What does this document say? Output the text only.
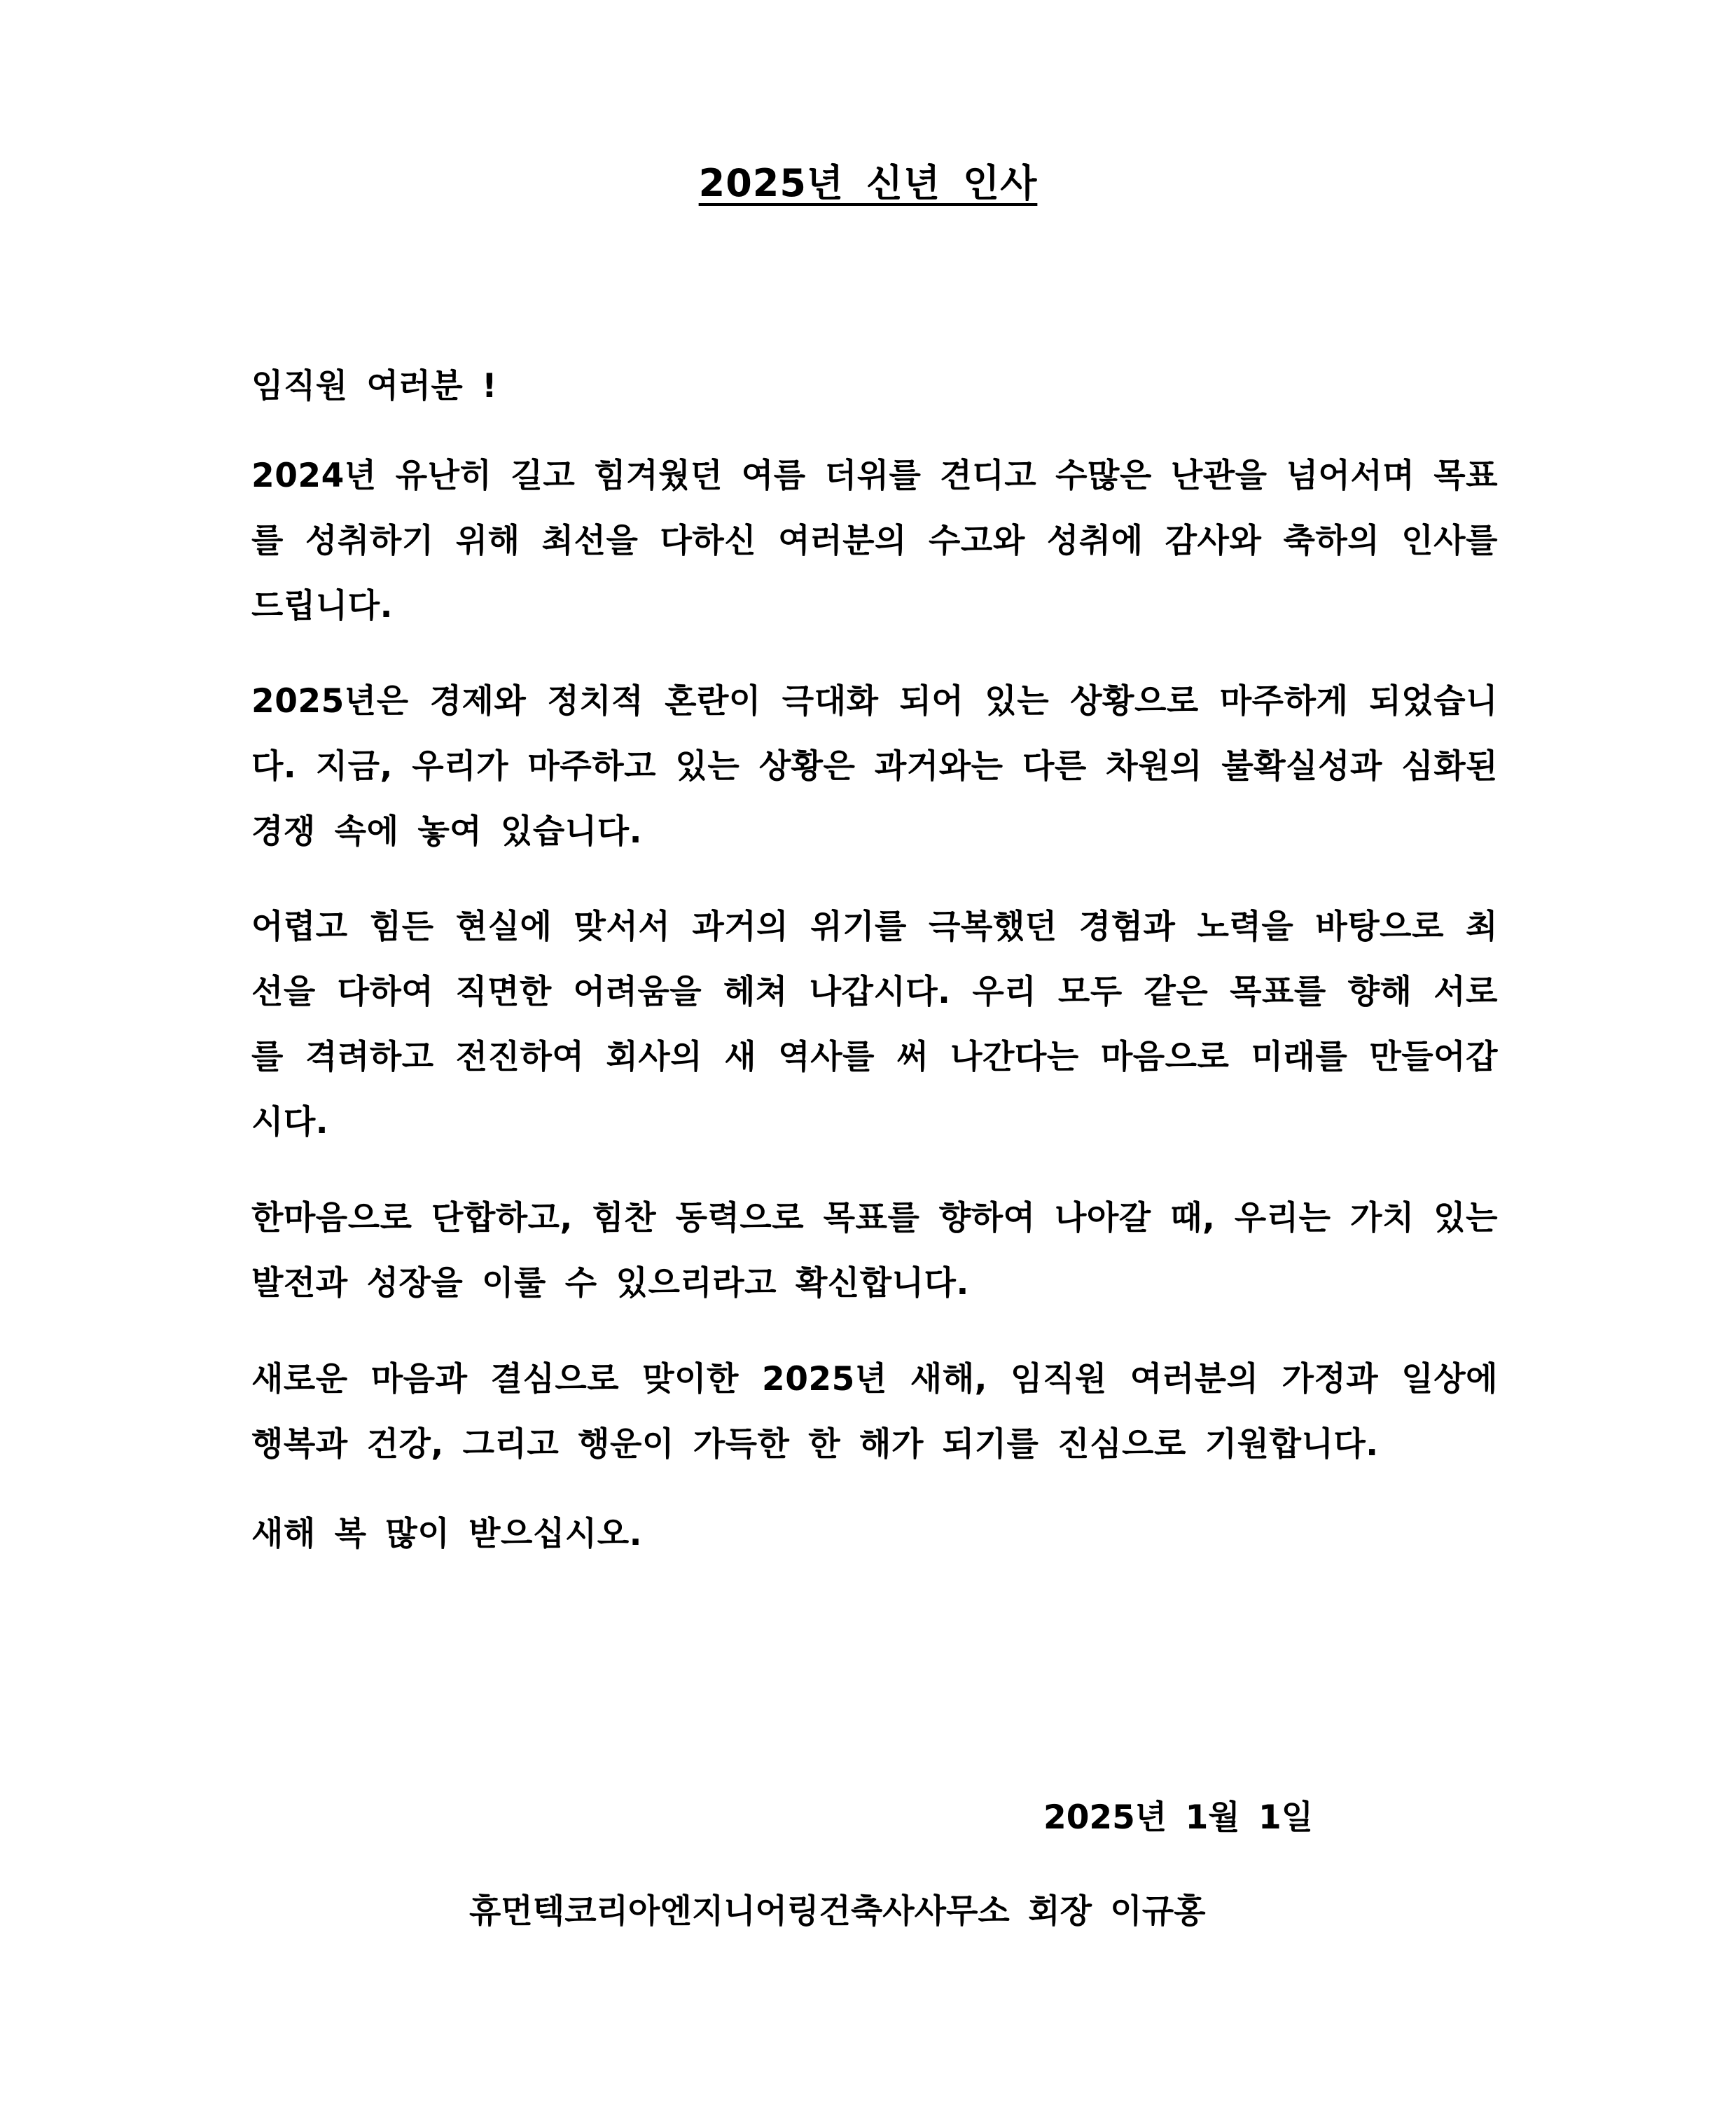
2025년 신년 인사
임직원 여러분 !
2024년 유난히 길고 힘겨웠던 여름 더위를 견디고 수많은 난관을 넘어서며 목표를 성취하기 위해 최선을 다하신 여러분의 수고와 성취에 감사와 축하의 인사를 드립니다.
2025년은 경제와 정치적 혼란이 극대화 되어 있는 상황으로 마주하게 되었습니다. 지금, 우리가 마주하고 있는 상황은 과거와는 다른 차원의 불확실성과 심화된 경쟁 속에 놓여 있습니다.
어렵고 힘든 현실에 맞서서 과거의 위기를 극복했던 경험과 노력을 바탕으로 최선을 다하여 직면한 어려움을 헤쳐 나갑시다. 우리 모두 같은 목표를 향해 서로를 격려하고 전진하여 회사의 새 역사를 써 나간다는 마음으로 미래를 만들어갑시다.
한마음으로 단합하고, 힘찬 동력으로 목표를 향하여 나아갈 때, 우리는 가치 있는 발전과 성장을 이룰 수 있으리라고 확신합니다.
새로운 마음과 결심으로 맞이한 2025년 새해, 임직원 여러분의 가정과 일상에 행복과 건강, 그리고 행운이 가득한 한 해가 되기를 진심으로 기원합니다.
새해 복 많이 받으십시오.
2025년 1월 1일
휴먼텍코리아엔지니어링건축사사무소 회장 이규홍
